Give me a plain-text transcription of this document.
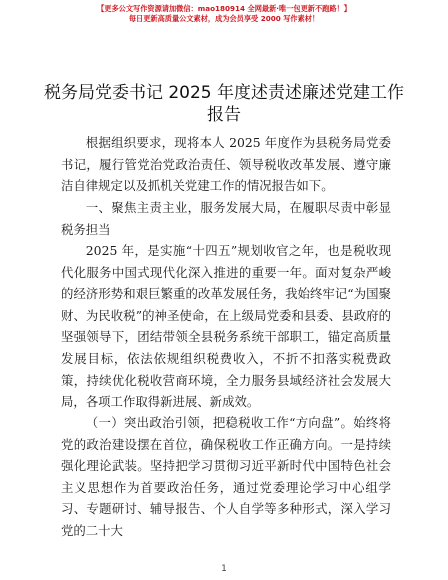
【更多公文写作资源请加微信：mao180914 全网最新·唯一包更新不跑路！】
每日更新高质量公文素材，成为会员享受 2000 写作素材！
税务局党委书记 2025 年度述责述廉述党建工作
报告

根据组织要求，现将本人 2025 年度作为县税务局党委书记，履行管党治党政治责任、领导税收改革发展、遵守廉洁自律规定以及抓机关党建工作的情况报告如下。

一、聚焦主责主业，服务发展大局，在履职尽责中彰显税务担当

2025 年，是实施“十四五”规划收官之年，也是税收现代化服务中国式现代化深入推进的重要一年。面对复杂严峻的经济形势和艰巨繁重的改革发展任务，我始终牢记“为国聚财、为民收税”的神圣使命，在上级局党委和县委、县政府的坚强领导下，团结带领全县税务系统干部职工，锚定高质量发展目标，依法依规组织税费收入，不折不扣落实税费政策，持续优化税收营商环境，全力服务县域经济社会发展大局，各项工作取得新进展、新成效。

（一）突出政治引领，把稳税收工作“方向盘”。始终将党的政治建设摆在首位，确保税收工作正确方向。一是持续强化理论武装。坚持把学习贯彻习近平新时代中国特色社会主义思想作为首要政治任务，通过党委理论学习中心组学习、专题研讨、辅导报告、个人自学等多种形式，深入学习党的二十大

1
